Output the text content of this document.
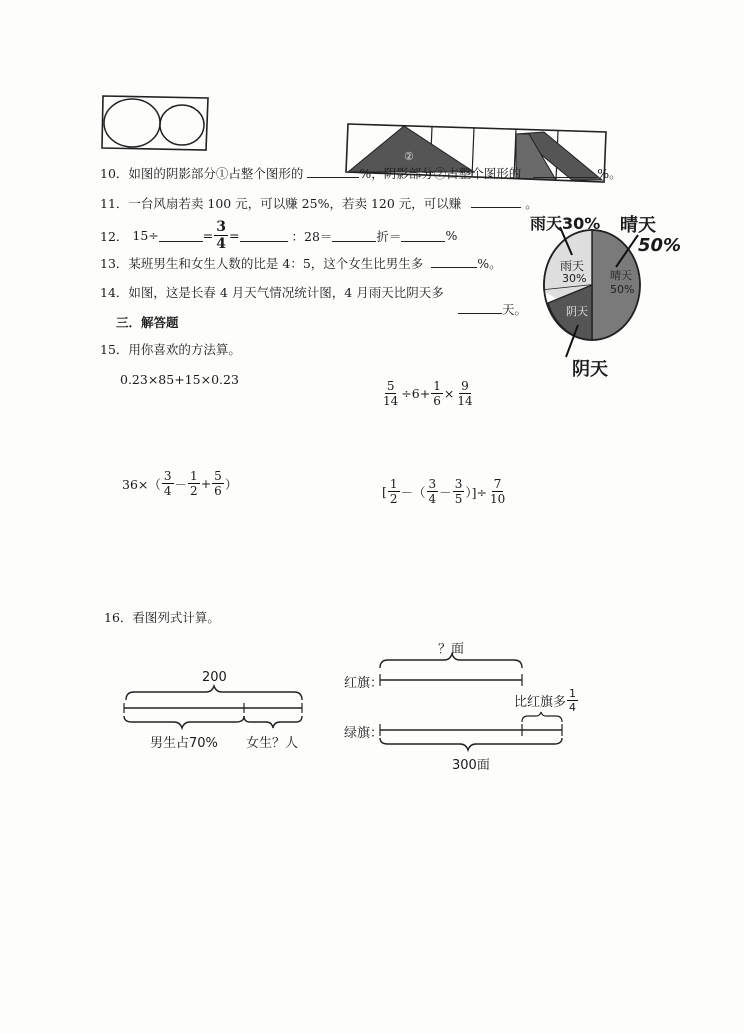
②
10．如图的阴影部分①占整个图形的	%，阴影部分②占整个图形的	%。
11．一台风扇若卖 100 元，可以赚 25%，若卖 120 元，可以赚	。
12． 15÷	= $\frac{3}{4}$ =	：28＝	折＝	%
13．某班男生和女生人数的比是 4：5，这个女生比男生多	%。
14．如图，这是长春 4 月天气情况统计图，4 月雨天比阴天多
天。
雨天
30% 晴天
50%
阴天
雨天30% 晴天
50%
阴天
三．解答题
15．用你喜欢的方法算。
0.23×85+15×0.23
$\frac{5}{14} \div 6+ \frac{1}{6} \times \frac{9}{14}$
$36\times( \frac{3}{4} - \frac{1}{2} + \frac{5}{6}$ ）	[ $\frac{1}{2}$ －（ $\frac{3}{4} - \frac{3}{5}$ ）]÷ $\frac{7}{10}$
16．看图列式计算。
200
男生占70% 女生？人
？面
红旗：
比红旗多 $\frac{1}{4}$
绿旗：
300面
